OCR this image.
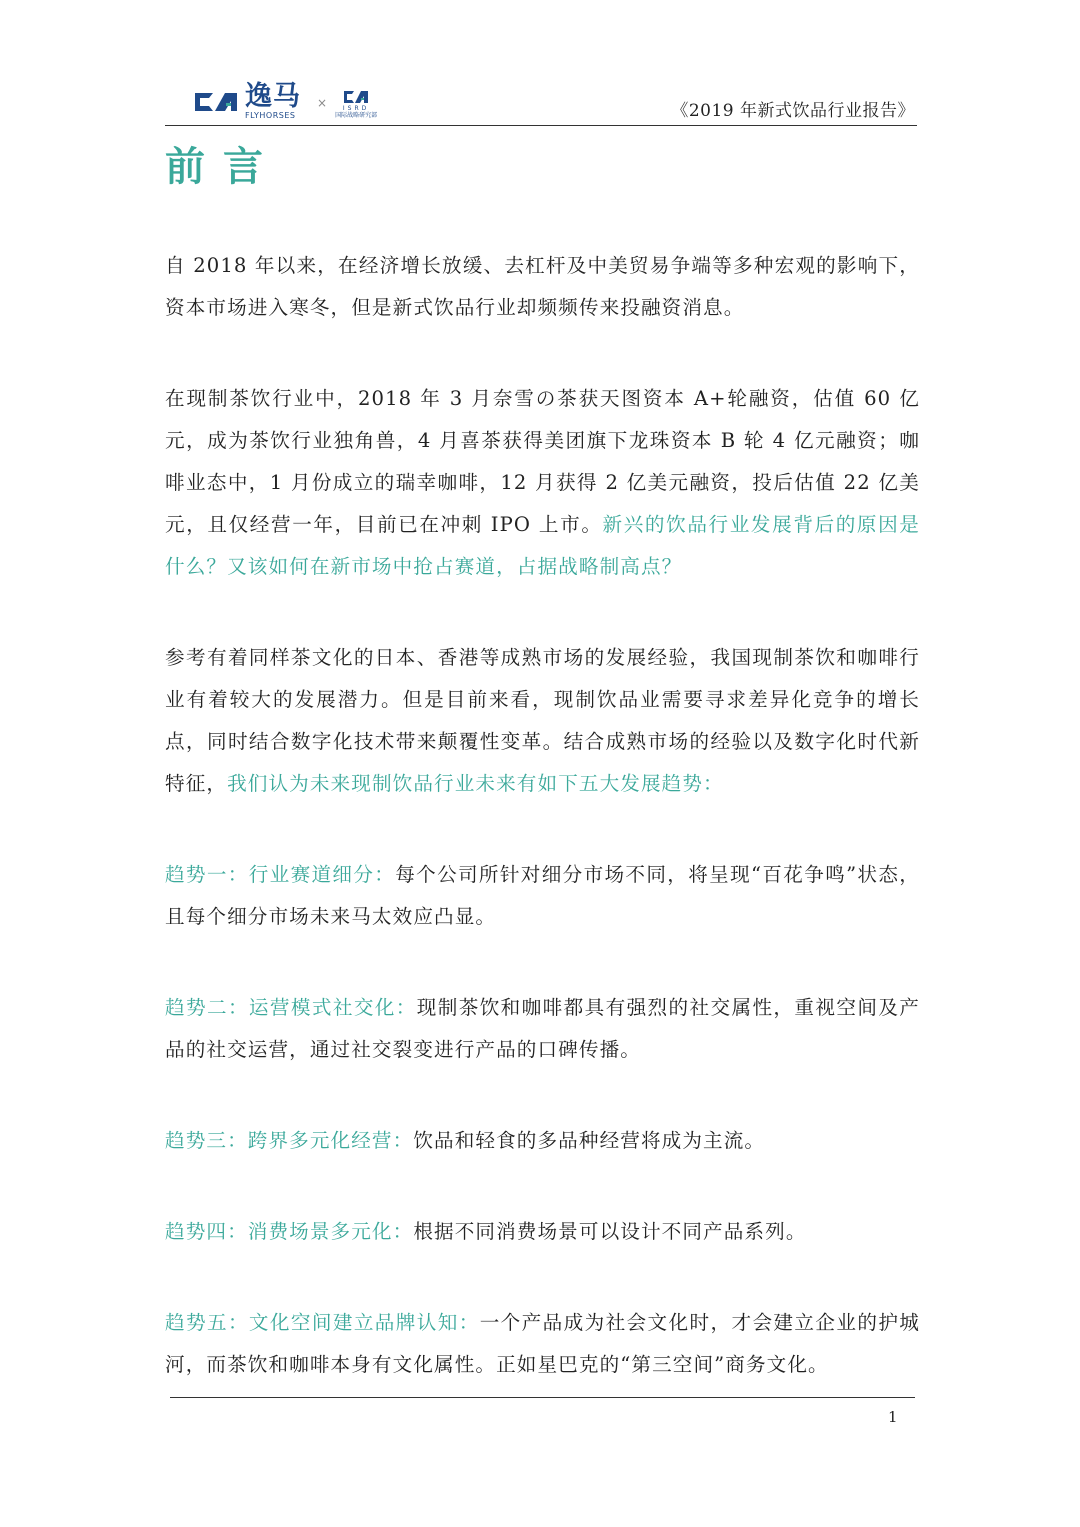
逸马
FLYHORSES
×	ISRD
国际战略研究部	《2019 年新式饮品行业报告》
前言

自 2018 年以来，在经济增长放缓、去杠杆及中美贸易争端等多种宏观的影响下，资本市场进入寒冬，但是新式饮品行业却频频传来投融资消息。

在现制茶饮行业中，2018 年 3 月奈雪の茶获天图资本 A+轮融资，估值 60 亿元，成为茶饮行业独角兽，4 月喜茶获得美团旗下龙珠资本 B 轮 4 亿元融资；咖啡业态中，1 月份成立的瑞幸咖啡，12 月获得 2 亿美元融资，投后估值 22 亿美元，且仅经营一年，目前已在冲刺 IPO 上市。新兴的饮品行业发展背后的原因是什么？又该如何在新市场中抢占赛道，占据战略制高点？

参考有着同样茶文化的日本、香港等成熟市场的发展经验，我国现制茶饮和咖啡行业有着较大的发展潜力。但是目前来看，现制饮品业需要寻求差异化竞争的增长点，同时结合数字化技术带来颠覆性变革。结合成熟市场的经验以及数字化时代新特征，我们认为未来现制饮品行业未来有如下五大发展趋势：

趋势一：行业赛道细分：每个公司所针对细分市场不同，将呈现“百花争鸣”状态，且每个细分市场未来马太效应凸显。

趋势二：运营模式社交化：现制茶饮和咖啡都具有强烈的社交属性，重视空间及产品的社交运营，通过社交裂变进行产品的口碑传播。

趋势三：跨界多元化经营：饮品和轻食的多品种经营将成为主流。

趋势四：消费场景多元化：根据不同消费场景可以设计不同产品系列。

趋势五：文化空间建立品牌认知：一个产品成为社会文化时，才会建立企业的护城河，而茶饮和咖啡本身有文化属性。正如星巴克的“第三空间”商务文化。

1
